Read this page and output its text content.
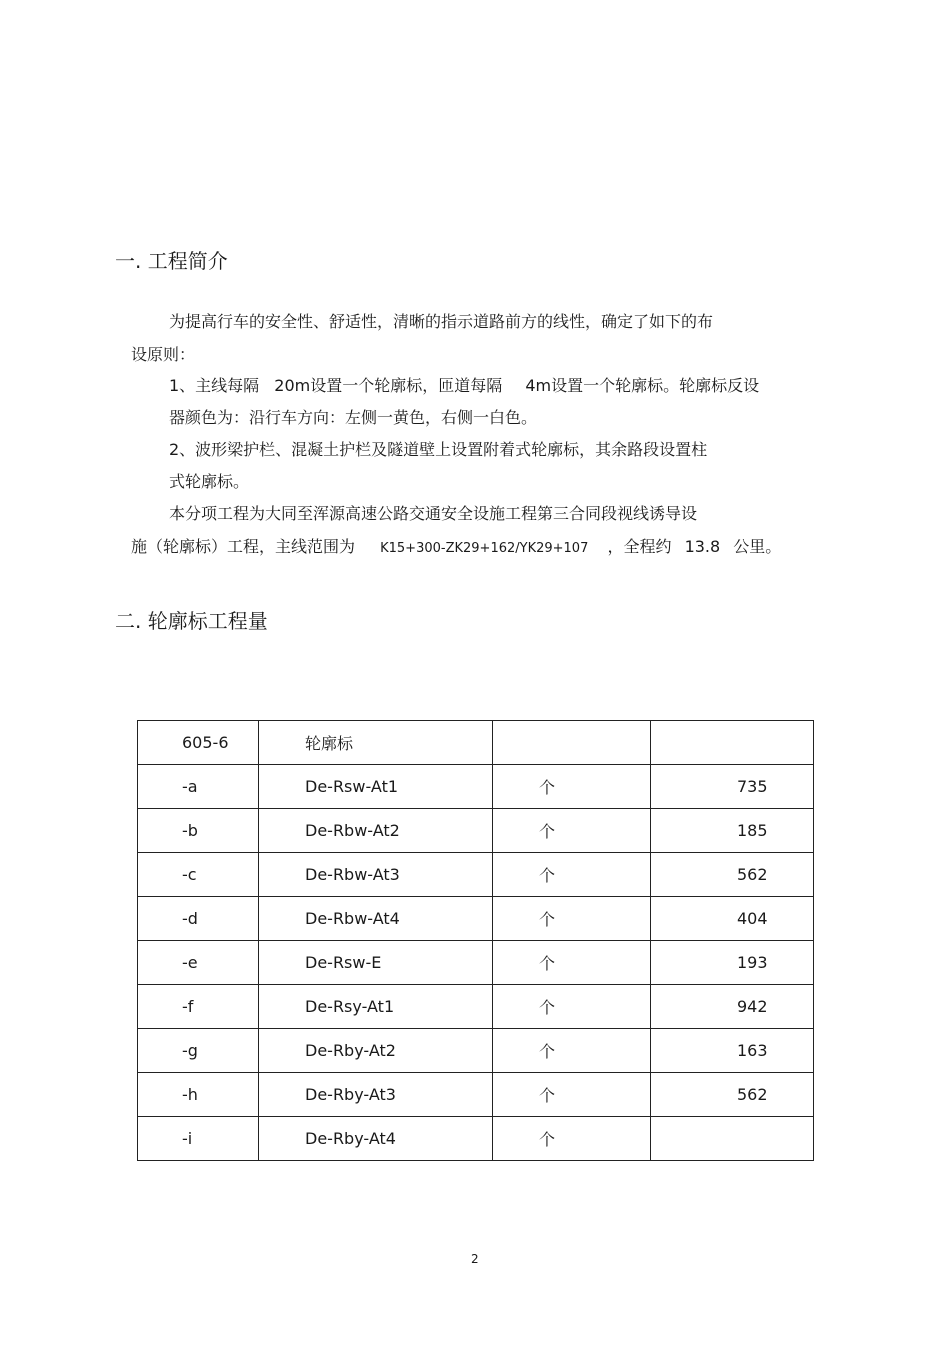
一. 工程简介
为提高行车的安全性、舒适性，清晰的指示道路前方的线性，确定了如下的布
设原则：
1、主线每隔 20m设置一个轮廓标，匝道每隔 4m设置一个轮廓标。轮廓标反设
器颜色为：沿行车方向：左侧一黄色，右侧一白色。
2、波形梁护栏、混凝土护栏及隧道壁上设置附着式轮廓标，其余路段设置柱
式轮廓标。
本分项工程为大同至浑源高速公路交通安全设施工程第三合同段视线诱导设
施（轮廓标）工程，主线范围为 K15+300-ZK29+162/YK29+107 ，全程约 13.8 公里。
二. 轮廓标工程量
605-6	轮廓标		
-a	De-Rsw-At1	个	735
-b	De-Rbw-At2	个	185
-c	De-Rbw-At3	个	562
-d	De-Rbw-At4	个	404
-e	De-Rsw-E	个	193
-f	De-Rsy-At1	个	942
-g	De-Rby-At2	个	163
-h	De-Rby-At3	个	562
-i	De-Rby-At4	个	
2
